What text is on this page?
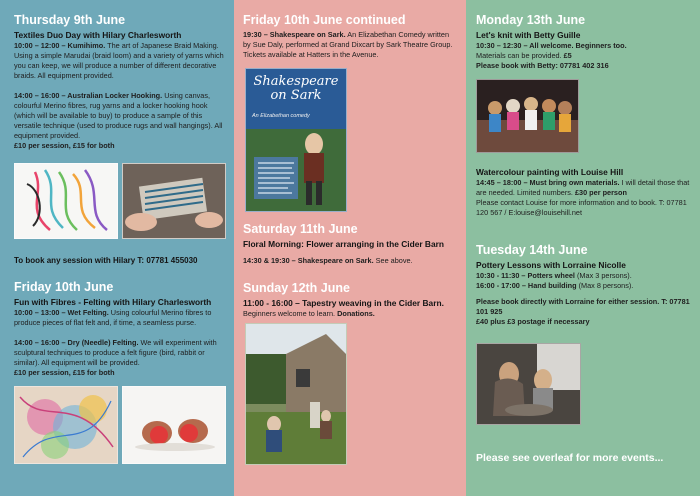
Thursday 9th June
Textiles Duo Day with Hilary Charlesworth

10:00 – 12:00 – Kumihimo. The art of Japanese Braid Making. Using a simple Marudai (braid loom) and a variety of yarns which you can keep, we will produce a number of different decorative braids. All equipment provided.

14:00 – 16:00 – Australian Locker Hooking. Using canvas, colourful Merino fibres, rug yarns and a locker hooking hook (which will be available to buy) to produce a sample of this versatile technique (used to produce rugs and wall hangings). All equipment provided.

£10 per session, £15 for both

To book any session with Hilary T: 07781 455030

Friday 10th June
Fun with Fibres - Felting with Hilary Charlesworth

10:00 – 13:00 – Wet Felting. Using colourful Merino fibres to produce pieces of flat felt and, if time, a seamless purse.

14:00 – 16:00 – Dry (Needle) Felting. We will experiment with sculptural techniques to produce a felt figure (bird, rabbit or similar). All equipment will be provided.

£10 per session, £15 for both

Friday 10th June continued

19:30 – Shakespeare on Sark. An Elizabethan Comedy written by Sue Daly, performed at Grand Dixcart by Sark Theatre Group. Tickets available at Hatters in the Avenue.

Saturday 11th June
Floral Morning: Flower arranging in the Cider Barn

14:30 & 19:30 – Shakespeare on Sark. See above.

Sunday 12th June
11:00 - 16:00 – Tapestry weaving in the Cider Barn.

Beginners welcome to learn. Donations.

Shakespeare
on Sark
An Elizabethan comedy
Monday 13th June
Let's knit with Betty Guille

10:30 – 12:30 – All welcome. Beginners too.

Materials can be provided. £5

Please book with Betty: 07781 402 316

Watercolour painting with Louise Hill

14:45 – 18:00 – Must bring own materials. I will detail those that are needed. Limited numbers. £30 per person

Please contact Louise for more information and to book. T: 07781 120 567 / E:louise@louisehill.net

Tuesday 14th June
Pottery Lessons with Lorraine Nicolle

10:30 - 11:30 – Potters wheel (Max 3 persons).

16:00 - 17:00 – Hand building (Max 8 persons).

Please book directly with Lorraine for either session. T: 07781 101 925

£40 plus £3 postage if necessary

Please see overleaf for more events...
